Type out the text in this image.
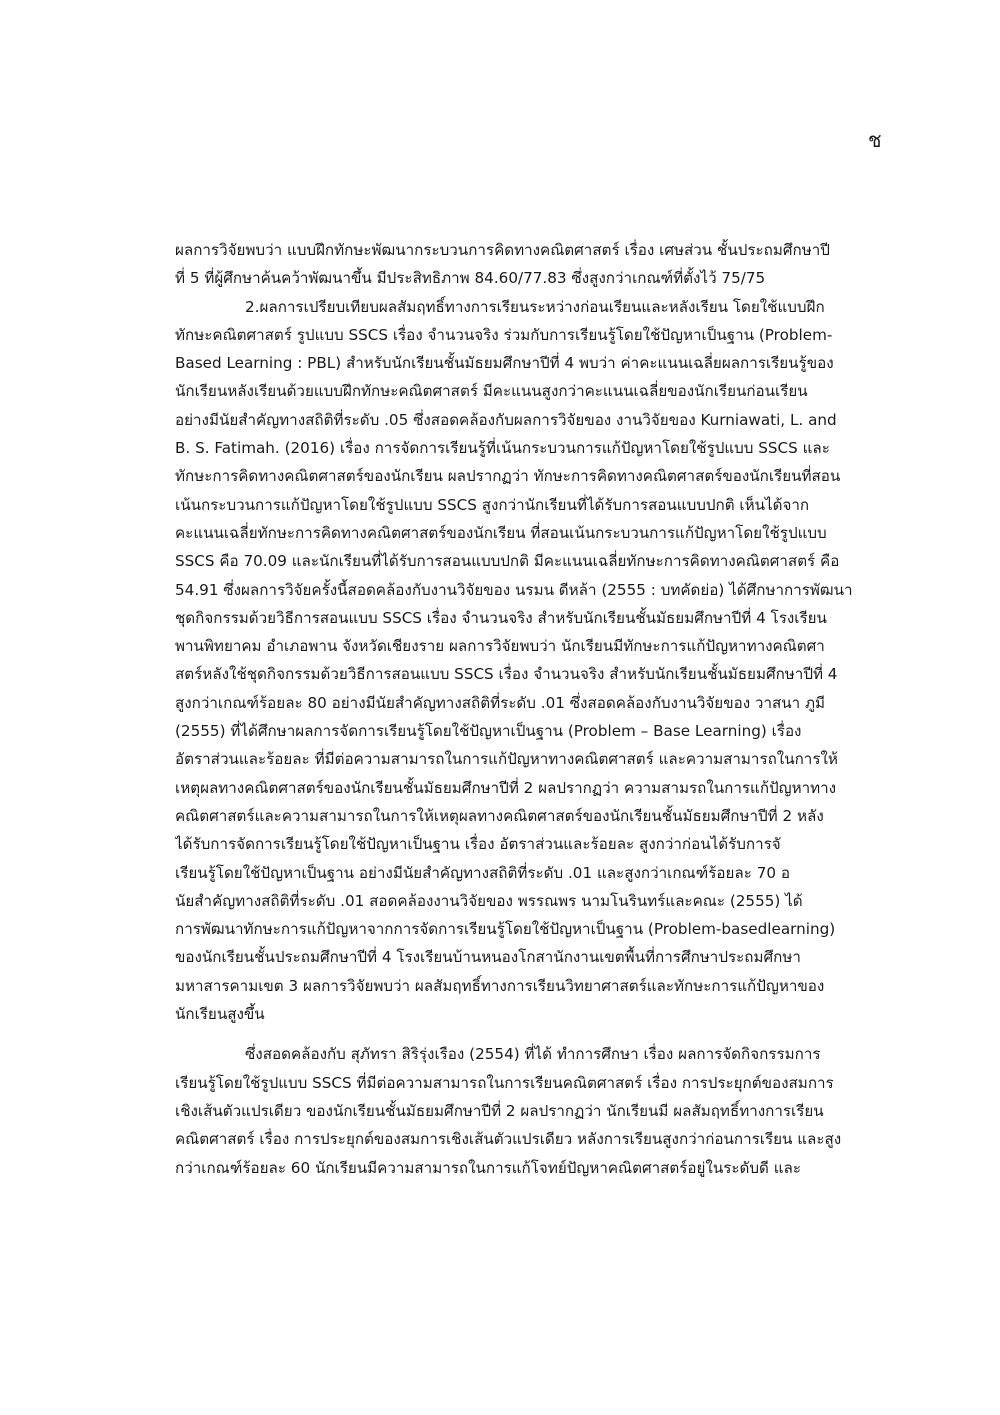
ช
ผลการวิจัยพบว่า แบบฝึกทักษะพัฒนากระบวนการคิดทางคณิตศาสตร์ เรื่อง เศษส่วน ชั้นประถมศึกษาปี
ที่ 5 ที่ผู้ศึกษาค้นคว้าพัฒนาขึ้น มีประสิทธิภาพ 84.60/77.83 ซึ่งสูงกว่าเกณฑ์ที่ตั้งไว้ 75/75
2.ผลการเปรียบเทียบผลสัมฤทธิ์ทางการเรียนระหว่างก่อนเรียนและหลังเรียน โดยใช้แบบฝึก
ทักษะคณิตศาสตร์ รูปแบบ SSCS เรื่อง จำนวนจริง ร่วมกับการเรียนรู้โดยใช้ปัญหาเป็นฐาน (Problem-
Based Learning : PBL) สำหรับนักเรียนชั้นมัธยมศึกษาปีที่ 4 พบว่า ค่าคะแนนเฉลี่ยผลการเรียนรู้ของ
นักเรียนหลังเรียนด้วยแบบฝึกทักษะคณิตศาสตร์ มีคะแนนสูงกว่าคะแนนเฉลี่ยของนักเรียนก่อนเรียน
อย่างมีนัยสำคัญทางสถิติที่ระดับ .05 ซึ่งสอดคล้องกับผลการวิจัยของ งานวิจัยของ Kurniawati, L. and
B. S. Fatimah. (2016) เรื่อง การจัดการเรียนรู้ที่เน้นกระบวนการแก้ปัญหาโดยใช้รูปแบบ SSCS และ
ทักษะการคิดทางคณิตศาสตร์ของนักเรียน ผลปรากฏว่า ทักษะการคิดทางคณิตศาสตร์ของนักเรียนที่สอน
เน้นกระบวนการแก้ปัญหาโดยใช้รูปแบบ SSCS สูงกว่านักเรียนที่ได้รับการสอนแบบปกติ เห็นได้จาก
คะแนนเฉลี่ยทักษะการคิดทางคณิตศาสตร์ของนักเรียน ที่สอนเน้นกระบวนการแก้ปัญหาโดยใช้รูปแบบ
SSCS คือ 70.09 และนักเรียนที่ได้รับการสอนแบบปกติ มีคะแนนเฉลี่ยทักษะการคิดทางคณิตศาสตร์ คือ
54.91 ซึ่งผลการวิจัยครั้งนี้สอดคล้องกับงานวิจัยของ นรมน ดีหล้า (2555 : บทคัดย่อ) ได้ศึกษาการพัฒนา
ชุดกิจกรรมด้วยวิธีการสอนแบบ SSCS เรื่อง จำนวนจริง สำหรับนักเรียนชั้นมัธยมศึกษาปีที่ 4 โรงเรียน
พานพิทยาคม อำเภอพาน จังหวัดเชียงราย ผลการวิจัยพบว่า นักเรียนมีทักษะการแก้ปัญหาทางคณิตศา
สตร์หลังใช้ชุดกิจกรรมด้วยวิธีการสอนแบบ SSCS เรื่อง จำนวนจริง สำหรับนักเรียนชั้นมัธยมศึกษาปีที่ 4
สูงกว่าเกณฑ์ร้อยละ 80 อย่างมีนัยสำคัญทางสถิติที่ระดับ .01 ซึ่งสอดคล้องกับงานวิจัยของ วาสนา ภูมี
(2555) ที่ได้ศึกษาผลการจัดการเรียนรู้โดยใช้ปัญหาเป็นฐาน (Problem – Base Learning) เรื่อง
อัตราส่วนและร้อยละ ที่มีต่อความสามารถในการแก้ปัญหาทางคณิตศาสตร์ และความสามารถในการให้
เหตุผลทางคณิตศาสตร์ของนักเรียนชั้นมัธยมศึกษาปีที่ 2 ผลปรากฏว่า ความสามรถในการแก้ปัญหาทาง
คณิตศาสตร์และความสามารถในการให้เหตุผลทางคณิตศาสตร์ของนักเรียนชั้นมัธยมศึกษาปีที่ 2 หลัง
ได้รับการจัดการเรียนรู้โดยใช้ปัญหาเป็นฐาน เรื่อง อัตราส่วนและร้อยละ สูงกว่าก่อนได้รับการจั
เรียนรู้โดยใช้ปัญหาเป็นฐาน อย่างมีนัยสำคัญทางสถิติที่ระดับ .01 และสูงกว่าเกณฑ์ร้อยละ 70 อ
นัยสำคัญทางสถิติที่ระดับ .01 สอดคล้องงานวิจัยของ พรรณพร นามโนรินทร์และคณะ (2555) ได้
การพัฒนาทักษะการแก้ปัญหาจากการจัดการเรียนรู้โดยใช้ปัญหาเป็นฐาน (Problem-basedlearning)
ของนักเรียนชั้นประถมศึกษาปีที่ 4 โรงเรียนบ้านหนองโกสานักงานเขตพื้นที่การศึกษาประถมศึกษา
มหาสารคามเขต 3 ผลการวิจัยพบว่า ผลสัมฤทธิ์ทางการเรียนวิทยาศาสตร์และทักษะการแก้ปัญหาของ
นักเรียนสูงขึ้น
ซึ่งสอดคล้องกับ สุภัทรา สิริรุ่งเรือง (2554) ที่ได้ ทำการศึกษา เรื่อง ผลการจัดกิจกรรมการ
เรียนรู้โดยใช้รูปแบบ SSCS ที่มีต่อความสามารถในการเรียนคณิตศาสตร์ เรื่อง การประยุกต์ของสมการ
เชิงเส้นตัวแปรเดียว ของนักเรียนชั้นมัธยมศึกษาปีที่ 2 ผลปรากฏว่า นักเรียนมี ผลสัมฤทธิ์ทางการเรียน
คณิตศาสตร์ เรื่อง การประยุกต์ของสมการเชิงเส้นตัวแปรเดียว หลังการเรียนสูงกว่าก่อนการเรียน และสูง
กว่าเกณฑ์ร้อยละ 60 นักเรียนมีความสามารถในการแก้โจทย์ปัญหาคณิตศาสตร์อยู่ในระดับดี และ
